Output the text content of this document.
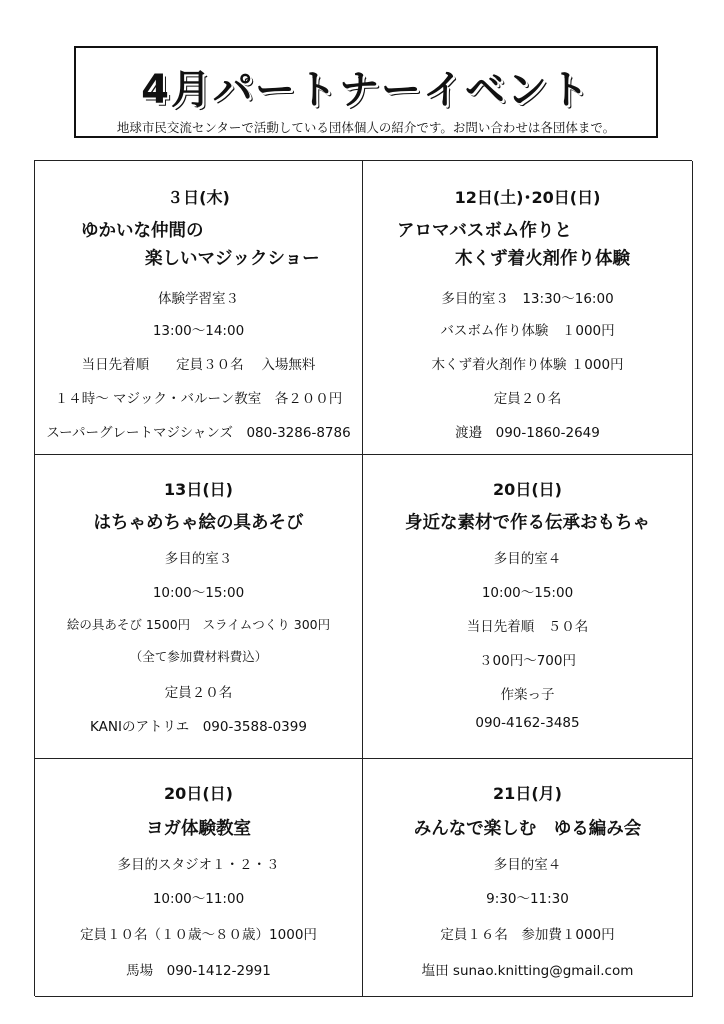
4月パートナーイベント
地球市民交流センターで活動している団体個人の紹介です。お問い合わせは各団体まで。
３日(木)
ゆかいな仲間の
楽しいマジックショー
体験学習室３
13:00～14:00
当日先着順　　定員３０名　 入場無料
１４時～ マジック・バルーン教室　各２００円
スーパーグレートマジシャンズ　080-3286-8786
12日(土)･20日(日)
アロマバスボム作りと
木くず着火剤作り体験
多目的室３　13:30～16:00
バスボム作り体験　１000円
木くず着火剤作り体験 １000円
定員２０名
渡邉　090-1860-2649
13日(日)
はちゃめちゃ絵の具あそび
多目的室３
10:00～15:00
絵の具あそび 1500円　スライムつくり 300円
（全て参加費材料費込）
定員２０名
KANIのアトリエ　090-3588-0399
20日(日)
身近な素材で作る伝承おもちゃ
多目的室４
10:00～15:00
当日先着順　５０名
３00円～700円
作楽っ子
090-4162-3485
20日(日)
ヨガ体験教室
多目的スタジオ１・２・３
10:00～11:00
定員１０名（１０歳～８０歳）1000円
馬場　090-1412-2991
21日(月)
みんなで楽しむ　ゆる編み会
多目的室４
9:30～11:30
定員１６名　参加費１000円
塩田 sunao.knitting@gmail.com
